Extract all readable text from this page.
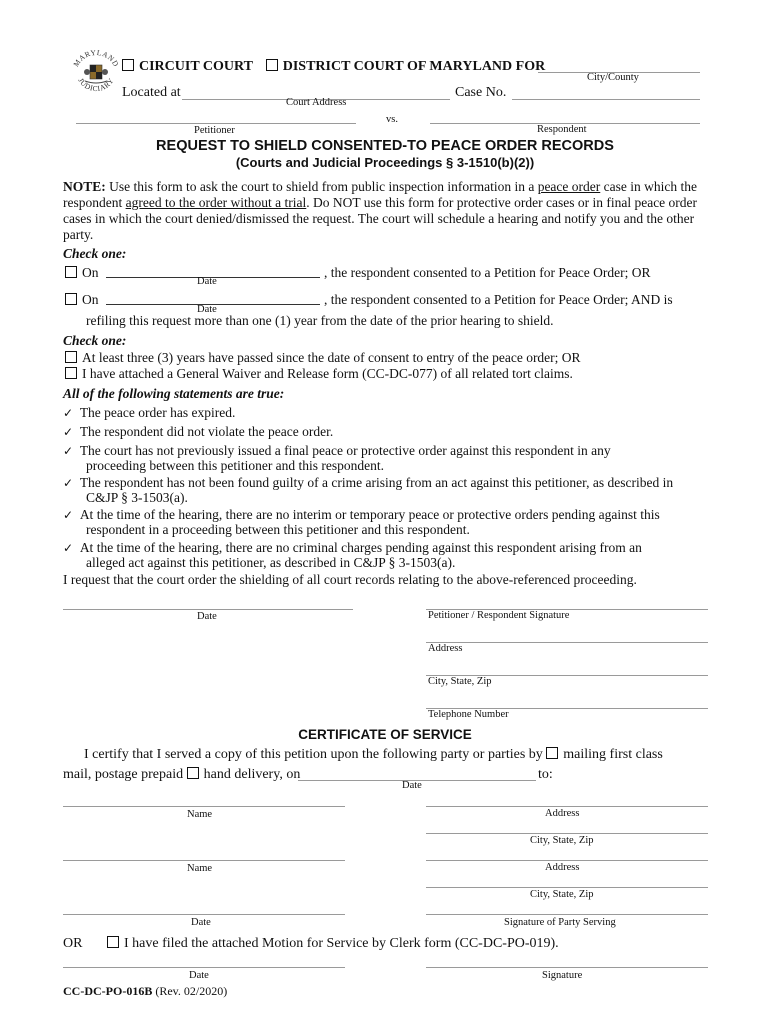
MARYLAND
JUDICIARY
CIRCUIT COURT DISTRICT COURT OF MARYLAND FOR
City/County
Located at
Court Address
Case No.
Petitioner
vs.
Respondent
REQUEST TO SHIELD CONSENTED-TO PEACE ORDER RECORDS
(Courts and Judicial Proceedings § 3-1510(b)(2))
NOTE: Use this form to ask the court to shield from public inspection information in a peace order case in which the
respondent agreed to the order without a trial. Do NOT use this form for protective order cases or in final peace order
cases in which the court denied/dismissed the request. The court will schedule a hearing and notify you and the other
party.
Check one:
On
Date
, the respondent consented to a Petition for Peace Order; OR
On
Date
, the respondent consented to a Petition for Peace Order; AND is
refiling this request more than one (1) year from the date of the prior hearing to shield.
Check one:
At least three (3) years have passed since the date of consent to entry of the peace order; OR
I have attached a General Waiver and Release form (CC-DC-077) of all related tort claims.
All of the following statements are true:
✓ The peace order has expired.
✓ The respondent did not violate the peace order.
✓ The court has not previously issued a final peace or protective order against this respondent in any
proceeding between this petitioner and this respondent.
✓ The respondent has not been found guilty of a crime arising from an act against this petitioner, as described in
C&JP § 3-1503(a).
✓ At the time of the hearing, there are no interim or temporary peace or protective orders pending against this
respondent in a proceeding between this petitioner and this respondent.
✓ At the time of the hearing, there are no criminal charges pending against this respondent arising from an
alleged act against this petitioner, as described in C&JP § 3-1503(a).
I request that the court order the shielding of all court records relating to the above-referenced proceeding.
Date	Petitioner / Respondent Signature
Address
City, State, Zip
Telephone Number
CERTIFICATE OF SERVICE
I certify that I served a copy of this petition upon the following party or parties by mailing first class
mail, postage prepaid hand delivery, on
Date
to:
Name	Address
City, State, Zip
Name	Address
City, State, Zip
Date	Signature of Party Serving
OR	I have filed the attached Motion for Service by Clerk form (CC-DC-PO-019).
Date	Signature
CC-DC-PO-016B (Rev. 02/2020)
